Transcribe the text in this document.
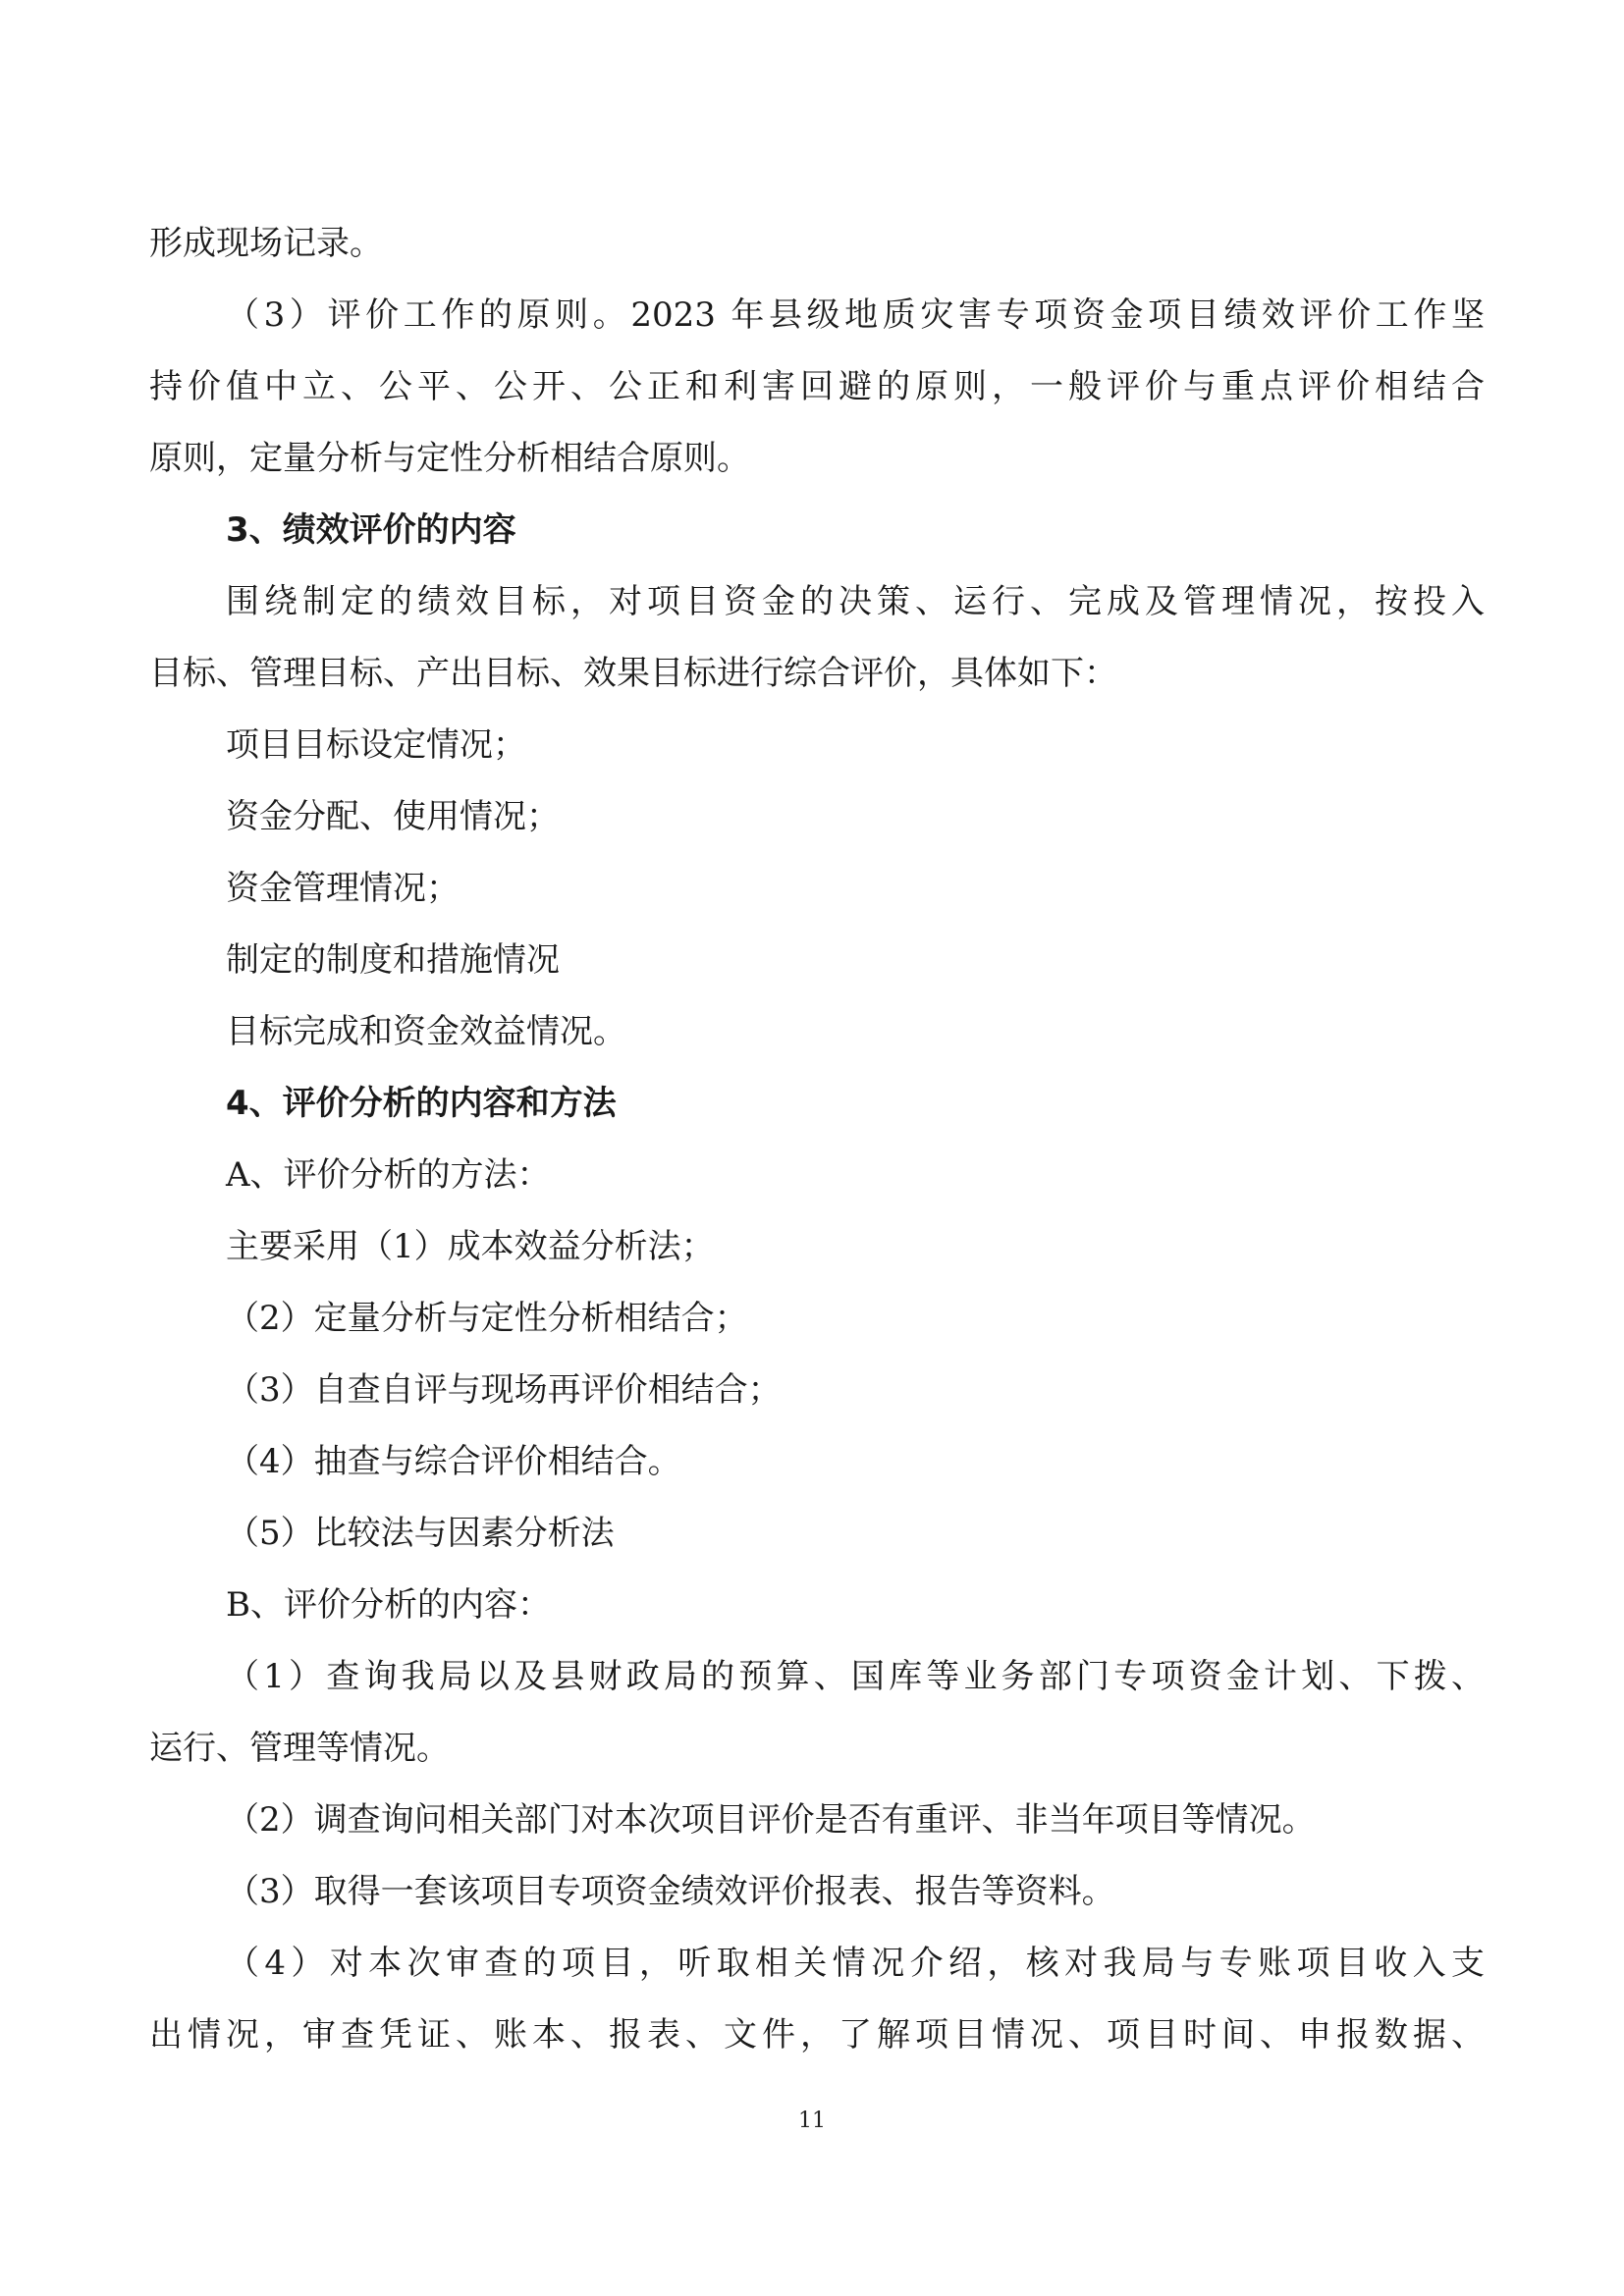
形成现场记录。
（3）评价工作的原则。2023 年县级地质灾害专项资金项目绩效评价工作坚
持价值中立、公平、公开、公正和利害回避的原则，一般评价与重点评价相结合
原则，定量分析与定性分析相结合原则。
3、绩效评价的内容
围绕制定的绩效目标，对项目资金的决策、运行、完成及管理情况，按投入
目标、管理目标、产出目标、效果目标进行综合评价，具体如下：
项目目标设定情况；
资金分配、使用情况；
资金管理情况；
制定的制度和措施情况
目标完成和资金效益情况。
4、评价分析的内容和方法
A、评价分析的方法：
主要采用（1）成本效益分析法；
（2）定量分析与定性分析相结合；
（3）自查自评与现场再评价相结合；
（4）抽查与综合评价相结合。
（5）比较法与因素分析法
B、评价分析的内容：
（1）查询我局以及县财政局的预算、国库等业务部门专项资金计划、下拨、
运行、管理等情况。
（2）调查询问相关部门对本次项目评价是否有重评、非当年项目等情况。
（3）取得一套该项目专项资金绩效评价报表、报告等资料。
（4）对本次审查的项目，听取相关情况介绍，核对我局与专账项目收入支
出情况，审查凭证、账本、报表、文件，了解项目情况、项目时间、申报数据、
11
